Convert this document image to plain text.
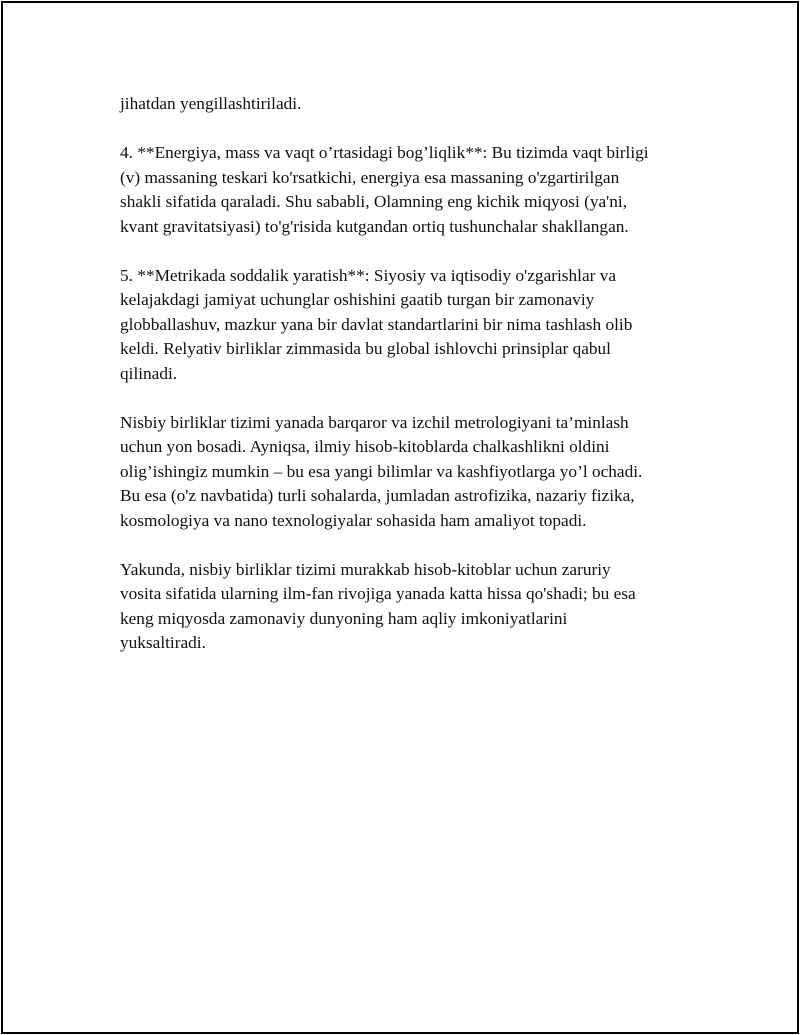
jihatdan yengillashtiriladi.

4. **Energiya, mass va vaqt o’rtasidagi bog’liqlik**: Bu tizimda vaqt birligi
(v) massaning teskari ko'rsatkichi, energiya esa massaning o'zgartirilgan
shakli sifatida qaraladi. Shu sababli, Olamning eng kichik miqyosi (ya'ni,
kvant gravitatsiyasi) to'g'risida kutgandan ortiq tushunchalar shakllangan.

5. **Metrikada soddalik yaratish**: Siyosiy va iqtisodiy o'zgarishlar va
kelajakdagi jamiyat uchunglar oshishini gaatib turgan bir zamonaviy
globballashuv, mazkur yana bir davlat standartlarini bir nima tashlash olib
keldi. Relyativ birliklar zimmasida bu global ishlovchi prinsiplar qabul
qilinadi.

Nisbiy birliklar tizimi yanada barqaror va izchil metrologiyani ta’minlash
uchun yon bosadi. Ayniqsa, ilmiy hisob-kitoblarda chalkashlikni oldini
olig’ishingiz mumkin – bu esa yangi bilimlar va kashfiyotlarga yo’l ochadi.
Bu esa (o'z navbatida) turli sohalarda, jumladan astrofizika, nazariy fizika,
kosmologiya va nano texnologiyalar sohasida ham amaliyot topadi.

Yakunda, nisbiy birliklar tizimi murakkab hisob-kitoblar uchun zaruriy
vosita sifatida ularning ilm-fan rivojiga yanada katta hissa qo'shadi; bu esa
keng miqyosda zamonaviy dunyoning ham aqliy imkoniyatlarini
yuksaltiradi.
